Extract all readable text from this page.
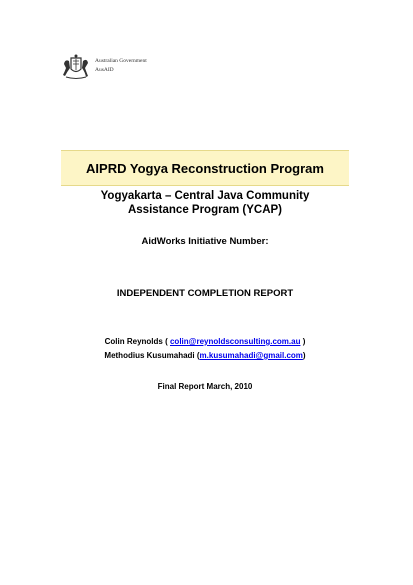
Australian Government
AusAID
AIPRD Yogya Reconstruction Program
Yogyakarta – Central Java Community
Assistance Program (YCAP)
AidWorks Initiative Number:
INDEPENDENT COMPLETION REPORT
Colin Reynolds ( colin@reynoldsconsulting.com.au )
Methodius Kusumahadi (m.kusumahadi@gmail.com)
Final Report March, 2010
